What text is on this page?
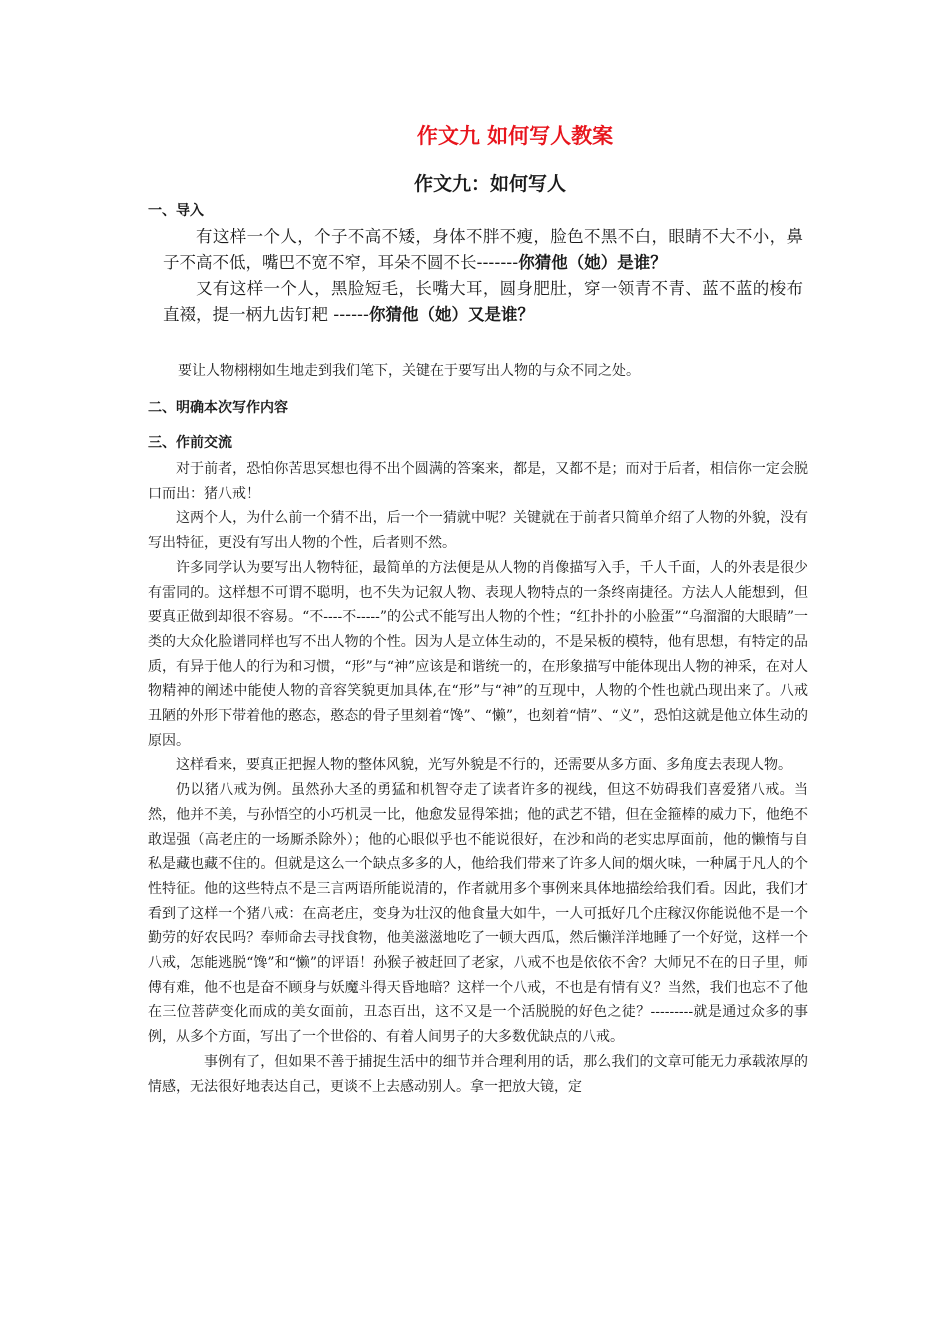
作文九 如何写人教案
作文九：如何写人
一、导入

有这样一个人，个子不高不矮，身体不胖不瘦，脸色不黑不白，眼睛不大不小，鼻子不高不低，嘴巴不宽不窄，耳朵不圆不长-------你猜他（她）是谁？

又有这样一个人，黑脸短毛，长嘴大耳，圆身肥肚，穿一领青不青、蓝不蓝的梭布直裰，提一柄九齿钉耙 ------你猜他（她）又是谁？

要让人物栩栩如生地走到我们笔下，关键在于要写出人物的与众不同之处。

二、明确本次写作内容
三、作前交流

对于前者，恐怕你苦思冥想也得不出个圆满的答案来，都是，又都不是；而对于后者，相信你一定会脱口而出：猪八戒！

这两个人，为什么前一个猜不出，后一个一猜就中呢？关键就在于前者只简单介绍了人物的外貌，没有写出特征，更没有写出人物的个性，后者则不然。

许多同学认为要写出人物特征，最简单的方法便是从人物的肖像描写入手，千人千面，人的外表是很少有雷同的。这样想不可谓不聪明，也不失为记叙人物、表现人物特点的一条终南捷径。方法人人能想到，但要真正做到却很不容易。“不----不-----”的公式不能写出人物的个性；“红扑扑的小脸蛋”“乌溜溜的大眼睛”一类的大众化脸谱同样也写不出人物的个性。因为人是立体生动的，不是呆板的模特，他有思想，有特定的品质，有异于他人的行为和习惯，“形”与“神”应该是和谐统一的，在形象描写中能体现出人物的神采，在对人物精神的阐述中能使人物的音容笑貌更加具体,在“形”与“神”的互现中，人物的个性也就凸现出来了。八戒丑陋的外形下带着他的憨态，憨态的骨子里刻着“馋”、“懒”，也刻着“情”、“义”，恐怕这就是他立体生动的原因。

这样看来，要真正把握人物的整体风貌，光写外貌是不行的，还需要从多方面、多角度去表现人物。

仍以猪八戒为例。虽然孙大圣的勇猛和机智夺走了读者许多的视线，但这不妨碍我们喜爱猪八戒。当然，他并不美，与孙悟空的小巧机灵一比，他愈发显得笨拙；他的武艺不错，但在金箍棒的威力下，他绝不敢逞强（高老庄的一场厮杀除外）；他的心眼似乎也不能说很好，在沙和尚的老实忠厚面前，他的懒惰与自私是藏也藏不住的。但就是这么一个缺点多多的人，他给我们带来了许多人间的烟火味，一种属于凡人的个性特征。他的这些特点不是三言两语所能说清的，作者就用多个事例来具体地描绘给我们看。因此，我们才看到了这样一个猪八戒：在高老庄，变身为壮汉的他食量大如牛，一人可抵好几个庄稼汉你能说他不是一个勤劳的好农民吗？奉师命去寻找食物，他美滋滋地吃了一顿大西瓜，然后懒洋洋地睡了一个好觉，这样一个八戒，怎能逃脱“馋”和“懒”的评语！孙猴子被赶回了老家，八戒不也是依依不舍？大师兄不在的日子里，师傅有难，他不也是奋不顾身与妖魔斗得天昏地暗？这样一个八戒，不也是有情有义？当然，我们也忘不了他在三位菩萨变化而成的美女面前，丑态百出，这不又是一个活脱脱的好色之徒？---------就是通过众多的事例，从多个方面，写出了一个世俗的、有着人间男子的大多数优缺点的八戒。

事例有了，但如果不善于捕捉生活中的细节并合理利用的话，那么我们的文章可能无力承载浓厚的情感，无法很好地表达自己，更谈不上去感动别人。拿一把放大镜，定
